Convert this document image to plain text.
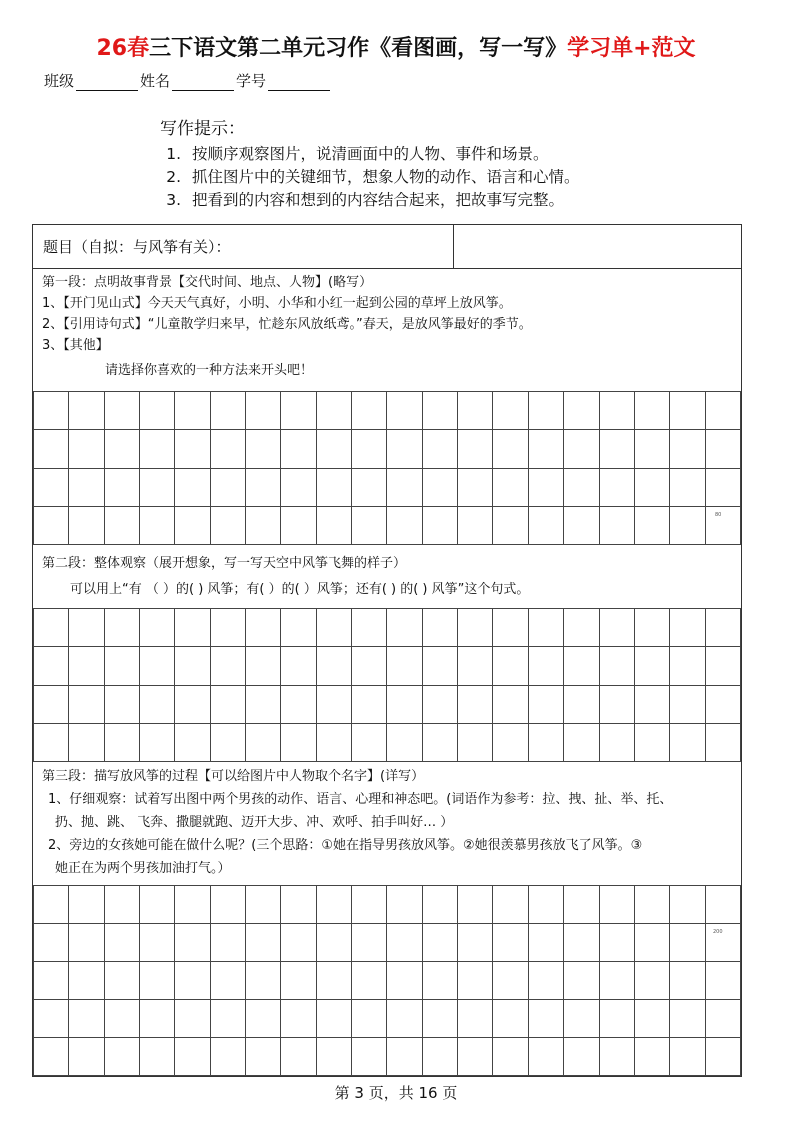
26春三下语文第二单元习作《看图画，写一写》学习单+范文
班级	姓名	学号
写作提示：
1. 按顺序观察图片，说清画面中的人物、事件和场景。
2. 抓住图片中的关键细节，想象人物的动作、语言和心情。
3. 把看到的内容和想到的内容结合起来，把故事写完整。
题目（自拟：与风筝有关）：
第一段：点明故事背景【交代时间、地点、人物】(略写）
1、【开门见山式】今天天气真好，小明、小华和小红一起到公园的草坪上放风筝。
2、【引用诗句式】“儿童散学归来早，忙趁东风放纸鸢。”春天，是放风筝最好的季节。
3、【其他】
请选择你喜欢的一种方法来开头吧！

80
第二段：整体观察（展开想象，写一写天空中风筝飞舞的样子）
可以用上“有 （ ）的( ) 风筝；有( ）的( ）风筝；还有( ) 的( ) 风筝”这个句式。

第三段：描写放风筝的过程【可以给图片中人物取个名字】(详写）
1、仔细观察：试着写出图中两个男孩的动作、语言、心理和神态吧。(词语作为参考：拉、拽、扯、举、托、
扔、抛、跳、 飞奔、撒腿就跑、迈开大步、冲、欢呼、拍手叫好… ）
2、旁边的女孩她可能在做什么呢？(三个思路：①她在指导男孩放风筝。②她很羡慕男孩放飞了风筝。③
她正在为两个男孩加油打气。）

200
第 3 页，共 16 页
